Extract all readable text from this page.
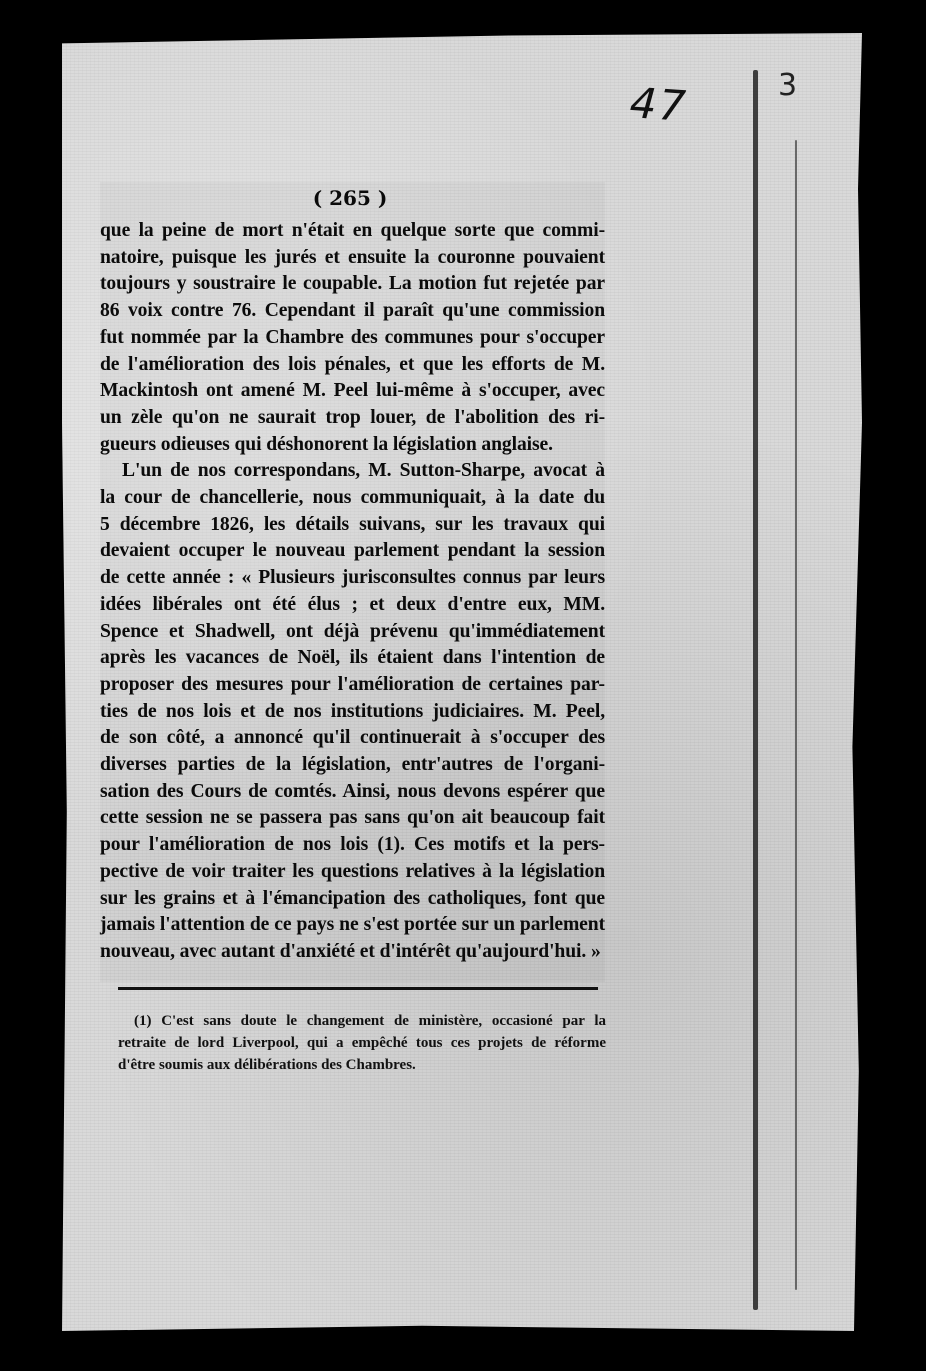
47	3
( 265 )
que la peine de mort n'était en quelque sorte que commi-
natoire, puisque les jurés et ensuite la couronne pouvaient
toujours y soustraire le coupable. La motion fut rejetée par
86 voix contre 76. Cependant il paraît qu'une commission
fut nommée par la Chambre des communes pour s'occuper
de l'amélioration des lois pénales, et que les efforts de M.
Mackintosh ont amené M. Peel lui-même à s'occuper, avec
un zèle qu'on ne saurait trop louer, de l'abolition des ri-
gueurs odieuses qui déshonorent la législation anglaise.
L'un de nos correspondans, M. Sutton-Sharpe, avocat à
la cour de chancellerie, nous communiquait, à la date du
5 décembre 1826, les détails suivans, sur les travaux qui
devaient occuper le nouveau parlement pendant la session
de cette année : « Plusieurs jurisconsultes connus par leurs
idées libérales ont été élus ; et deux d'entre eux, MM.
Spence et Shadwell, ont déjà prévenu qu'immédiatement
après les vacances de Noël, ils étaient dans l'intention de
proposer des mesures pour l'amélioration de certaines par-
ties de nos lois et de nos institutions judiciaires. M. Peel,
de son côté, a annoncé qu'il continuerait à s'occuper des
diverses parties de la législation, entr'autres de l'organi-
sation des Cours de comtés. Ainsi, nous devons espérer que
cette session ne se passera pas sans qu'on ait beaucoup fait
pour l'amélioration de nos lois (1). Ces motifs et la pers-
pective de voir traiter les questions relatives à la législation
sur les grains et à l'émancipation des catholiques, font que
jamais l'attention de ce pays ne s'est portée sur un parlement
nouveau, avec autant d'anxiété et d'intérêt qu'aujourd'hui. »
(1) C'est sans doute le changement de ministère, occasioné par la
retraite de lord Liverpool, qui a empêché tous ces projets de réforme
d'être soumis aux délibérations des Chambres.
